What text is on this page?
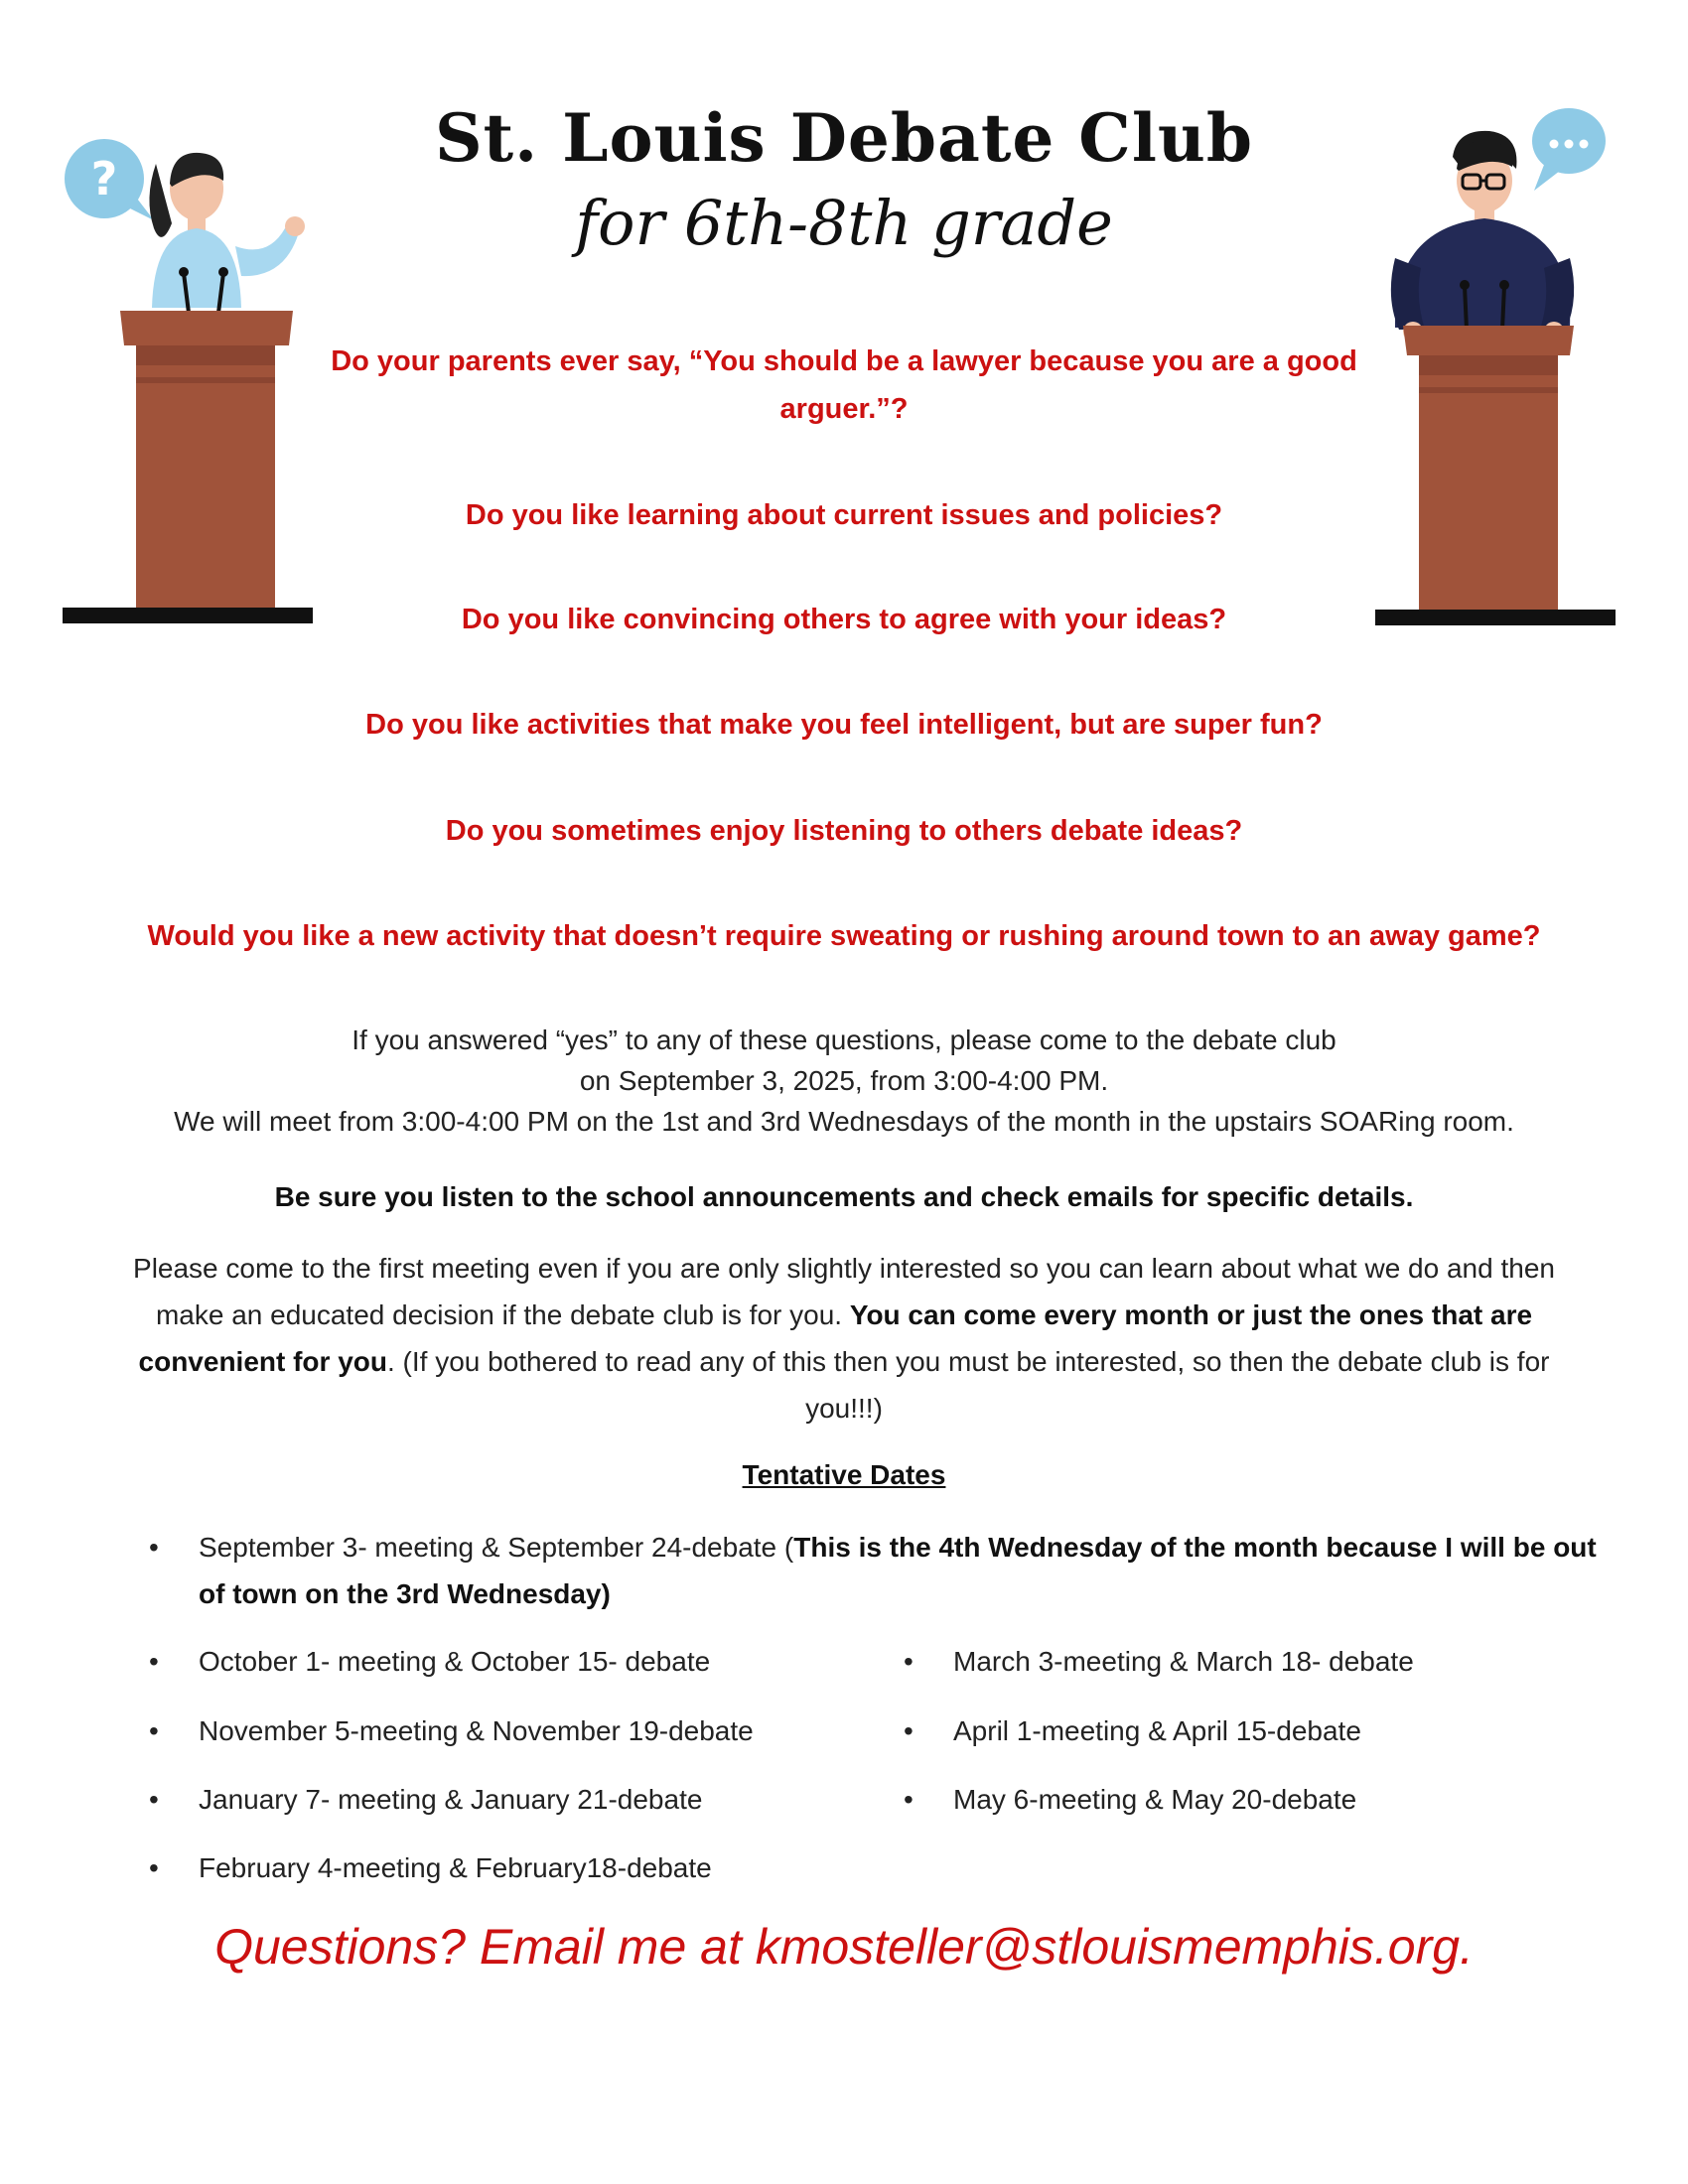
?
St. Louis Debate Club
for 6th-8th grade
Do your parents ever say, “You should be a lawyer because you are a good arguer.”?
Do you like learning about current issues and policies?
Do you like convincing others to agree with your ideas?
Do you like activities that make you feel intelligent, but are super fun?
Do you sometimes enjoy listening to others debate ideas?
Would you like a new activity that doesn’t require sweating or rushing around town to an away game?
If you answered “yes” to any of these questions, please come to the debate club
on September 3, 2025, from 3:00-4:00 PM.
We will meet from 3:00-4:00 PM on the 1st and 3rd Wednesdays of the month in the upstairs SOARing room.
Be sure you listen to the school announcements and check emails for specific details.
Please come to the first meeting even if you are only slightly interested so you can learn about what we do and then make an educated decision if the debate club is for you. You can come every month or just the ones that are convenient for you. (If you bothered to read any of this then you must be interested, so then the debate club is for you!!!)
Tentative Dates
• September 3- meeting & September 24-debate (This is the 4th Wednesday of the month because I will be out of town on the 3rd Wednesday)
• October 1- meeting & October 15- debate
• November 5-meeting & November 19-debate
• January 7- meeting & January 21-debate
• February 4-meeting & February18-debate
• March 3-meeting & March 18- debate
• April 1-meeting & April 15-debate
• May 6-meeting & May 20-debate
Questions? Email me at kmosteller@stlouismemphis.org.
